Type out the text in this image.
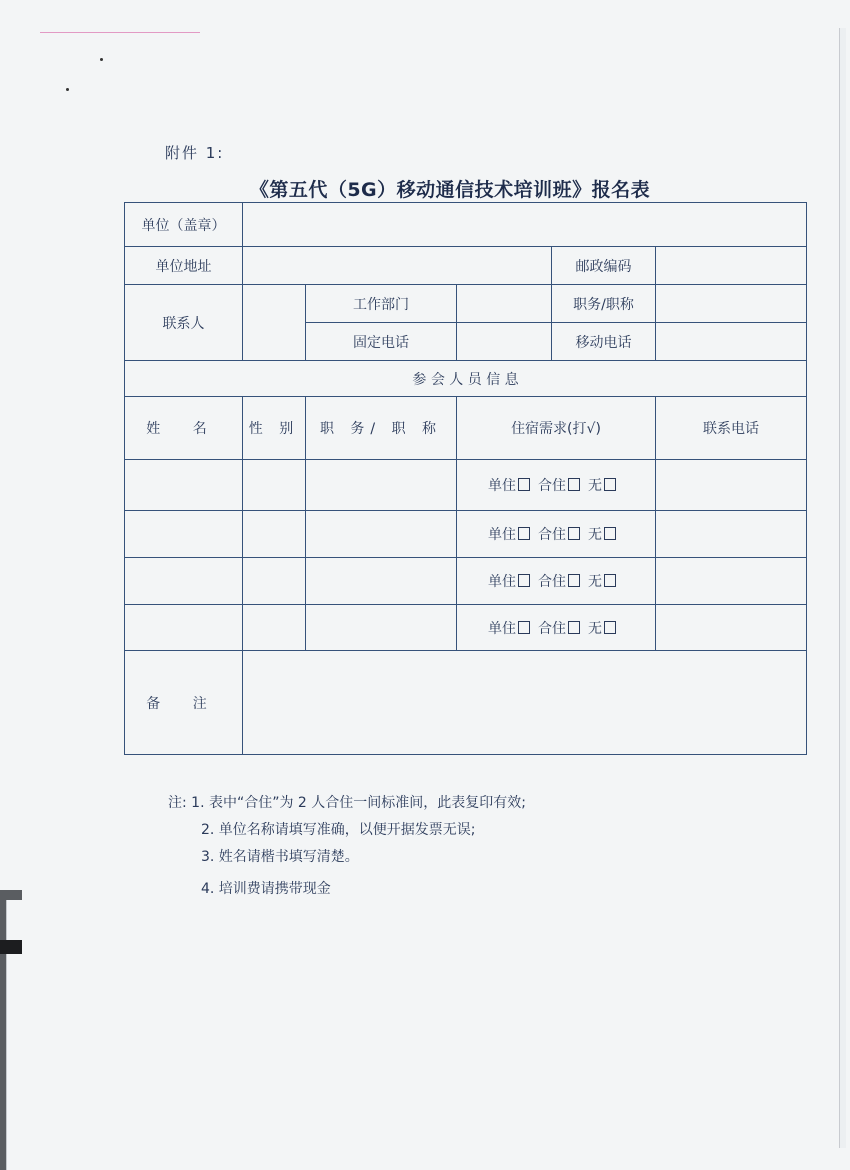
附件 1:
《第五代（5G）移动通信技术培训班》报名表
单位（盖章）					
单位地址				邮政编码	
联系人		工作部门		职务/职称	
		固定电话		移动电话	
参 会 人 员 信 息					
姓 名	性 别	职 务/ 职 称	住宿需求(打√)		联系电话
			单住 合住 无		
			单住 合住 无		
			单住 合住 无		
			单住 合住 无		
备 注					
注: 1. 表中“合住”为 2 人合住一间标准间，此表复印有效;
2. 单位名称请填写准确，以便开据发票无误;
3. 姓名请楷书填写清楚。
4. 培训费请携带现金
